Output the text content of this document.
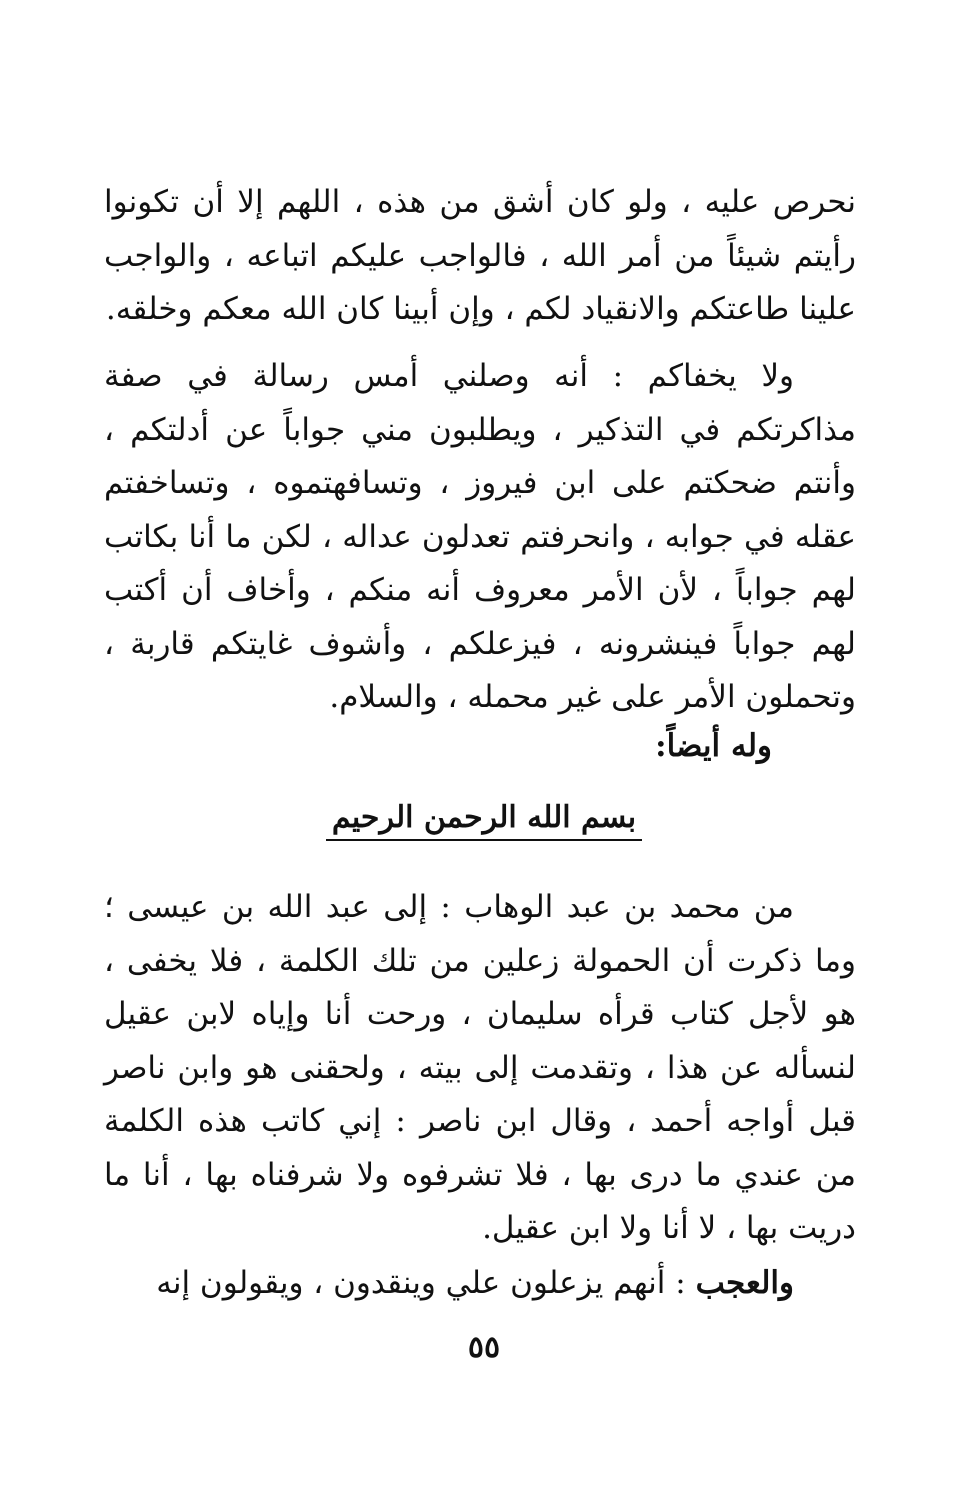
نحرص عليه ، ولو كان أشق من هذه ، اللهم إلا أن تكونوا رأيتم شيئاً من أمر الله ، فالواجب عليكم اتباعه ، والواجب علينا طاعتكم والانقياد لكم ، وإن أبينا كان الله معكم وخلقه.

ولا يخفاكم : أنه وصلني أمس رسالة في صفة مذاكرتكم في التذكير ، ويطلبون مني جواباً عن أدلتكم ، وأنتم ضحكتم على ابن فيروز ، وتسافهتموه ، وتساخفتم عقله في جوابه ، وانحرفتم تعدلون عداله ، لكن ما أنا بكاتب لهم جواباً ، لأن الأمر معروف أنه منكم ، وأخاف أن أكتب لهم جواباً فينشرونه ، فيزعلكم ، وأشوف غايتكم قاربة ، وتحملون الأمر على غير محمله ، والسلام.

وله أيضاً:
بسم الله الرحمن الرحيم

من محمد بن عبد الوهاب : إلى عبد الله بن عيسى ؛ وما ذكرت أن الحمولة زعلين من تلك الكلمة ، فلا يخفى ، هو لأجل كتاب قرأه سليمان ، ورحت أنا وإياه لابن عقيل لنسأله عن هذا ، وتقدمت إلى بيته ، ولحقنى هو وابن ناصر قبل أواجه أحمد ، وقال ابن ناصر : إني كاتب هذه الكلمة من عندي ما درى بها ، فلا تشرفوه ولا شرفناه بها ، أنا ما دريت بها ، لا أنا ولا ابن عقيل.

والعجب : أنهم يزعلون علي وينقدون ، ويقولون إنه

٥٥
